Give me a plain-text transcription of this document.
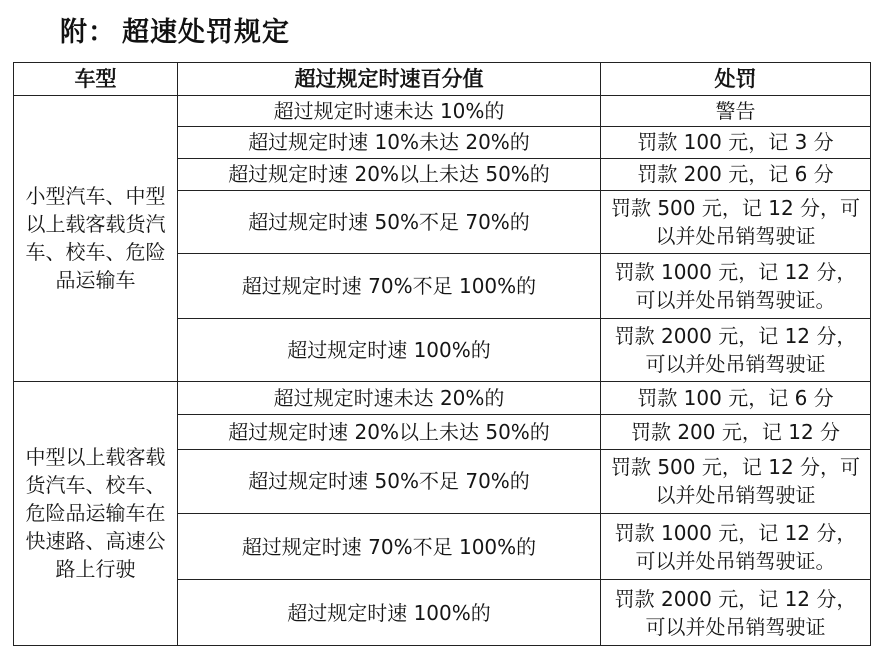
附： 超速处罚规定
车型	超过规定时速百分值	处罚
小型汽车、中型以上载客载货汽车、校车、危险品运输车	超过规定时速未达 10%的	警告
	超过规定时速 10%未达 20%的	罚款 100 元，记 3 分
	超过规定时速 20%以上未达 50%的	罚款 200 元，记 6 分
	超过规定时速 50%不足 70%的	罚款 500 元，记 12 分，可以并处吊销驾驶证
	超过规定时速 70%不足 100%的	罚款 1000 元，记 12 分，可以并处吊销驾驶证。
	超过规定时速 100%的	罚款 2000 元，记 12 分，可以并处吊销驾驶证
中型以上载客载货汽车、校车、危险品运输车在快速路、高速公路上行驶	超过规定时速未达 20%的	罚款 100 元，记 6 分
	超过规定时速 20%以上未达 50%的	罚款 200 元，记 12 分
	超过规定时速 50%不足 70%的	罚款 500 元，记 12 分，可以并处吊销驾驶证
	超过规定时速 70%不足 100%的	罚款 1000 元，记 12 分，可以并处吊销驾驶证。
	超过规定时速 100%的	罚款 2000 元，记 12 分，可以并处吊销驾驶证
